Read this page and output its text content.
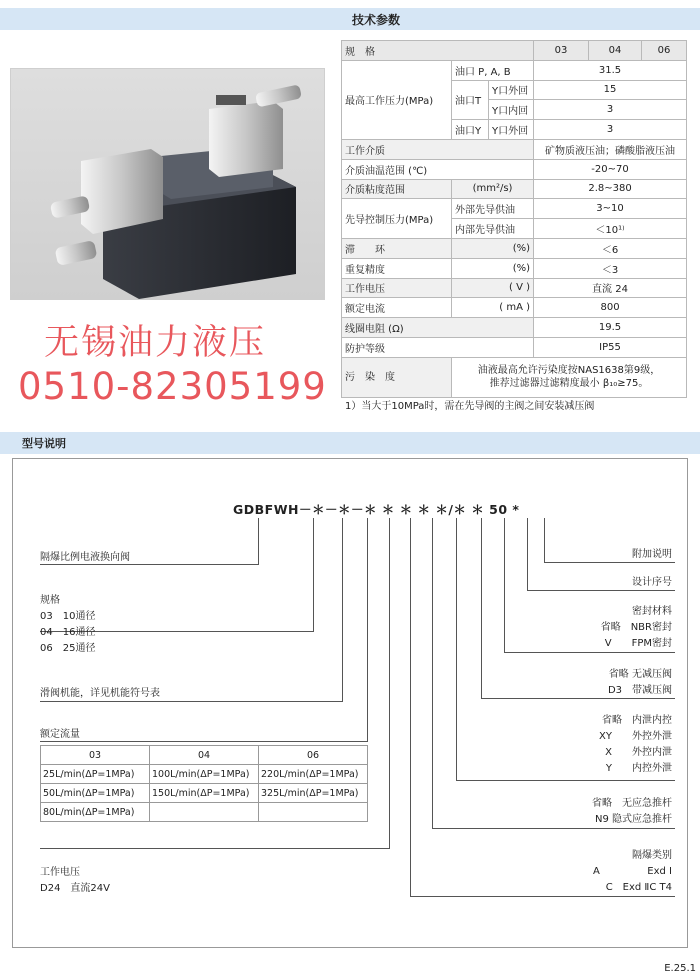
技术参数
无锡油力液压
0510-82305199
规　格			03	04	06
最高工作压力(MPa)	油口 P, A, B		31.5		
	油口T	Y口外回	15		
		Y口内回	3		
	油口Y	Y口外回	3		
工作介质			矿物质液压油；磷酸脂液压油		
介质油温范围 (℃)			-20~70		
介质粘度范围	(mm²/s)		2.8~380		
先导控制压力(MPa)	外部先导供油		3~10		
	内部先导供油		＜10¹⁾		
滞　　环	(%)		＜6		
重复精度	(%)		＜3		
工作电压	( V )		直流 24		
额定电流	( mA )		800		
线圈电阻 (Ω)			19.5		
防护等级			IP55		
污　染　度	油液最高允许污染度按NAS1638第9级，
推荐过滤器过滤精度最小 β₁₀≥75。				
1）当大于10MPa时，需在先导阀的主阀之间安装减压阀
型号说明
GDBFWH－＊－＊－＊ ＊ ＊ ＊ ＊/＊ ＊ 50 *
隔爆比例电液换向阀
规格
03　10通径
04　16通径
06　25通径
滑阀机能，详见机能符号表
额定流量
03	04	06
25L/min(ΔP=1MPa)	100L/min(ΔP=1MPa)	220L/min(ΔP=1MPa)
50L/min(ΔP=1MPa)	150L/min(ΔP=1MPa)	325L/min(ΔP=1MPa)
80L/min(ΔP=1MPa)		
工作电压
D24　直流24V
附加说明
设计序号
密封材料
省略　NBR密封
V　　FPM密封
省略 无减压阀
D3　带减压阀
省略　内泄内控
XY　　外控外泄
X　　外控内泄
Y　　内控外泄
省略　无应急推杆
N9 隐式应急推杆
隔爆类别
A	Exd Ⅰ
C　Exd ⅡC T4
E.25.1
